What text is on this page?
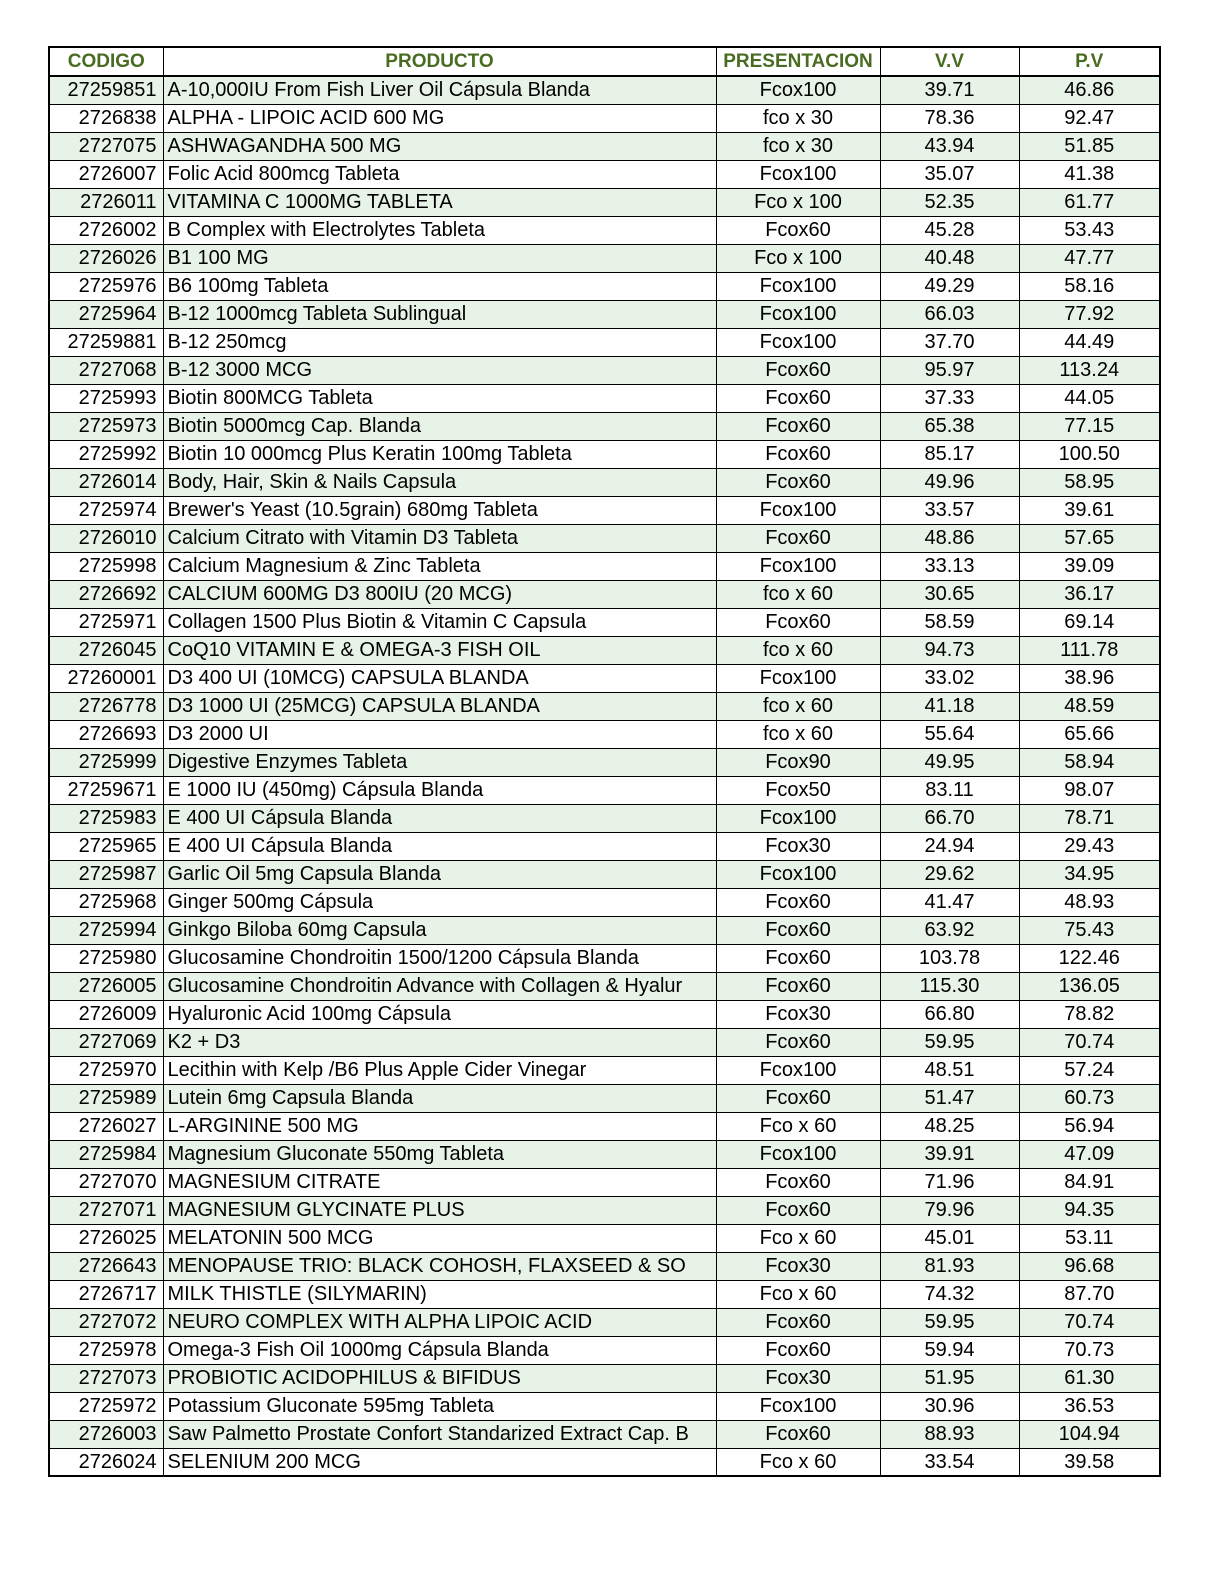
CODIGO	PRODUCTO	PRESENTACION	V.V	P.V
27259851	A-10,000IU From Fish Liver Oil Cápsula Blanda	Fcox100	39.71	46.86
2726838	ALPHA - LIPOIC ACID 600 MG	fco x 30	78.36	92.47
2727075	ASHWAGANDHA 500 MG	fco x 30	43.94	51.85
2726007	Folic Acid 800mcg Tableta	Fcox100	35.07	41.38
2726011	VITAMINA C 1000MG TABLETA	Fco x 100	52.35	61.77
2726002	B Complex with Electrolytes Tableta	Fcox60	45.28	53.43
2726026	B1 100 MG	Fco x 100	40.48	47.77
2725976	B6 100mg Tableta	Fcox100	49.29	58.16
2725964	B-12 1000mcg Tableta Sublingual	Fcox100	66.03	77.92
27259881	B-12 250mcg	Fcox100	37.70	44.49
2727068	B-12 3000 MCG	Fcox60	95.97	113.24
2725993	Biotin 800MCG Tableta	Fcox60	37.33	44.05
2725973	Biotin 5000mcg Cap. Blanda	Fcox60	65.38	77.15
2725992	Biotin 10 000mcg Plus Keratin 100mg Tableta	Fcox60	85.17	100.50
2726014	Body, Hair, Skin & Nails Capsula	Fcox60	49.96	58.95
2725974	Brewer's Yeast (10.5grain) 680mg Tableta	Fcox100	33.57	39.61
2726010	Calcium Citrato with Vitamin D3 Tableta	Fcox60	48.86	57.65
2725998	Calcium Magnesium & Zinc Tableta	Fcox100	33.13	39.09
2726692	CALCIUM 600MG D3 800IU (20 MCG)	fco x 60	30.65	36.17
2725971	Collagen 1500 Plus Biotin & Vitamin C Capsula	Fcox60	58.59	69.14
2726045	CoQ10 VITAMIN E & OMEGA-3 FISH OIL	fco x 60	94.73	111.78
27260001	D3 400 UI (10MCG) CAPSULA BLANDA	Fcox100	33.02	38.96
2726778	D3 1000 UI (25MCG) CAPSULA BLANDA	fco x 60	41.18	48.59
2726693	D3 2000 UI	fco x 60	55.64	65.66
2725999	Digestive Enzymes Tableta	Fcox90	49.95	58.94
27259671	E 1000 IU (450mg) Cápsula Blanda	Fcox50	83.11	98.07
2725983	E 400 UI Cápsula Blanda	Fcox100	66.70	78.71
2725965	E 400 UI Cápsula Blanda	Fcox30	24.94	29.43
2725987	Garlic Oil 5mg Capsula Blanda	Fcox100	29.62	34.95
2725968	Ginger 500mg Cápsula	Fcox60	41.47	48.93
2725994	Ginkgo Biloba 60mg Capsula	Fcox60	63.92	75.43
2725980	Glucosamine Chondroitin 1500/1200 Cápsula Blanda	Fcox60	103.78	122.46
2726005	Glucosamine Chondroitin Advance with Collagen & Hyalur	Fcox60	115.30	136.05
2726009	Hyaluronic Acid 100mg Cápsula	Fcox30	66.80	78.82
2727069	K2 + D3	Fcox60	59.95	70.74
2725970	Lecithin with Kelp /B6 Plus Apple Cider Vinegar	Fcox100	48.51	57.24
2725989	Lutein 6mg Capsula Blanda	Fcox60	51.47	60.73
2726027	L-ARGININE 500 MG	Fco x 60	48.25	56.94
2725984	Magnesium Gluconate 550mg Tableta	Fcox100	39.91	47.09
2727070	MAGNESIUM CITRATE	Fcox60	71.96	84.91
2727071	MAGNESIUM GLYCINATE PLUS	Fcox60	79.96	94.35
2726025	MELATONIN 500 MCG	Fco x 60	45.01	53.11
2726643	MENOPAUSE TRIO: BLACK COHOSH, FLAXSEED & SO	Fcox30	81.93	96.68
2726717	MILK THISTLE (SILYMARIN)	Fco x 60	74.32	87.70
2727072	NEURO COMPLEX WITH ALPHA LIPOIC ACID	Fcox60	59.95	70.74
2725978	Omega-3 Fish Oil 1000mg Cápsula Blanda	Fcox60	59.94	70.73
2727073	PROBIOTIC ACIDOPHILUS & BIFIDUS	Fcox30	51.95	61.30
2725972	Potassium Gluconate 595mg Tableta	Fcox100	30.96	36.53
2726003	Saw Palmetto Prostate Confort Standarized Extract Cap. B	Fcox60	88.93	104.94
2726024	SELENIUM 200 MCG	Fco x 60	33.54	39.58
